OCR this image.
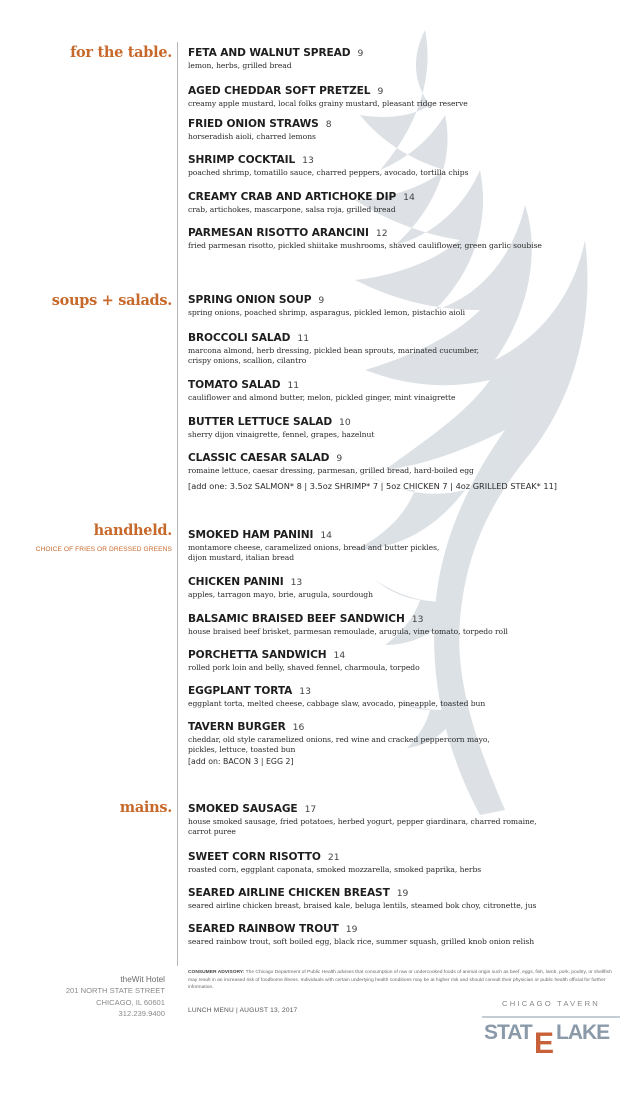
for the table.
soups + salads.
handheld.
CHOICE OF FRIES OR DRESSED GREENS
mains.
FETA AND WALNUT SPREAD 9
lemon, herbs, grilled bread
AGED CHEDDAR SOFT PRETZEL 9
creamy apple mustard, local folks grainy mustard, pleasant ridge reserve
FRIED ONION STRAWS 8
horseradish aioli, charred lemons
SHRIMP COCKTAIL 13
poached shrimp, tomatillo sauce, charred peppers, avocado, tortilla chips
CREAMY CRAB AND ARTICHOKE DIP 14
crab, artichokes, mascarpone, salsa roja, grilled bread
PARMESAN RISOTTO ARANCINI 12
fried parmesan risotto, pickled shiitake mushrooms, shaved cauliflower, green garlic soubise
SPRING ONION SOUP 9
spring onions, poached shrimp, asparagus, pickled lemon, pistachio aioli
BROCCOLI SALAD 11
marcona almond, herb dressing, pickled bean sprouts, marinated cucumber,
crispy onions, scallion, cilantro
TOMATO SALAD 11
cauliflower and almond butter, melon, pickled ginger, mint vinaigrette
BUTTER LETTUCE SALAD 10
sherry dijon vinaigrette, fennel, grapes, hazelnut
CLASSIC CAESAR SALAD 9
romaine lettuce, caesar dressing, parmesan, grilled bread, hard-boiled egg
[add one: 3.5oz SALMON* 8 | 3.5oz SHRIMP* 7 | 5oz CHICKEN 7 | 4oz GRILLED STEAK* 11]
SMOKED HAM PANINI 14
montamore cheese, caramelized onions, bread and butter pickles,
dijon mustard, italian bread
CHICKEN PANINI 13
apples, tarragon mayo, brie, arugula, sourdough
BALSAMIC BRAISED BEEF SANDWICH 13
house braised beef brisket, parmesan remoulade, arugula, vine tomato, torpedo roll
PORCHETTA SANDWICH 14
rolled pork loin and belly, shaved fennel, charmoula, torpedo
EGGPLANT TORTA 13
eggplant torta, melted cheese, cabbage slaw, avocado, pineapple, toasted bun
TAVERN BURGER 16
cheddar, old style caramelized onions, red wine and cracked peppercorn mayo,
pickles, lettuce, toasted bun
[add on: BACON 3 | EGG 2]
SMOKED SAUSAGE 17
house smoked sausage, fried potatoes, herbed yogurt, pepper giardinara, charred romaine,
carrot puree
SWEET CORN RISOTTO 21
roasted corn, eggplant caponata, smoked mozzarella, smoked paprika, herbs
SEARED AIRLINE CHICKEN BREAST 19
seared airline chicken breast, braised kale, beluga lentils, steamed bok choy, citronette, jus
SEARED RAINBOW TROUT 19
seared rainbow trout, soft boiled egg, black rice, summer squash, grilled knob onion relish
theWit Hotel
201 NORTH STATE STREET
CHICAGO, IL 60601
312.239.9400
CONSUMER ADVISORY: The Chicago Department of Public Health advises that consumption of raw or undercooked foods of animal origin such as beef, eggs, fish, lamb, pork, poultry, or shellfish may result in an increased risk of foodborne illness. Individuals with certain underlying health conditions may be at higher risk and should consult their physician or public health official for further information.
LUNCH MENU | AUGUST 13, 2017
CHICAGO TAVERN
STAT E LAKE
